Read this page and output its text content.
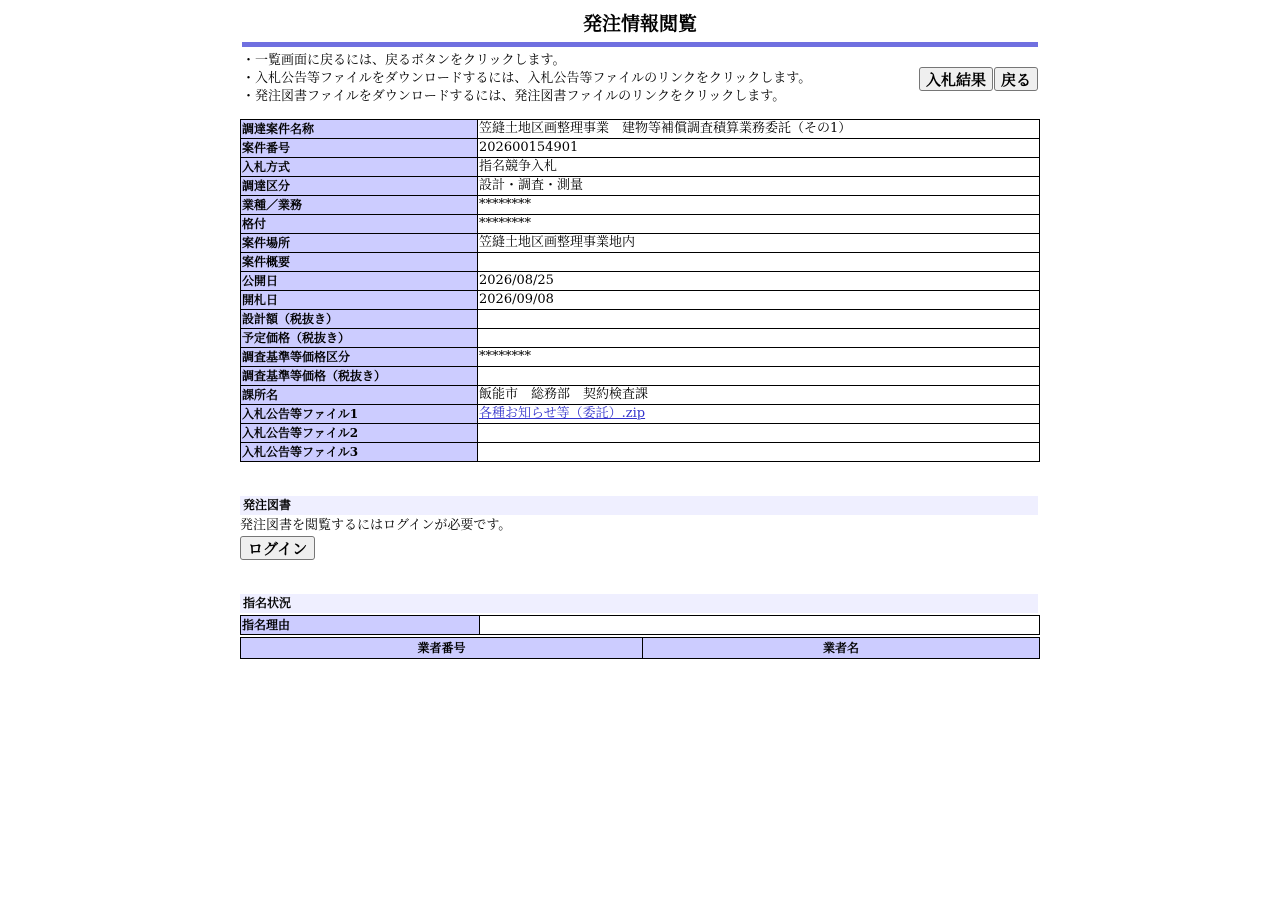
発注情報閲覧
・一覧画面に戻るには、戻るボタンをクリックします。
・入札公告等ファイルをダウンロードするには、入札公告等ファイルのリンクをクリックします。
・発注図書ファイルをダウンロードするには、発注図書ファイルのリンクをクリックします。
入札結果 戻る
調達案件名称	笠縫土地区画整理事業　建物等補償調査積算業務委託（その1）
案件番号	202600154901
入札方式	指名競争入札
調達区分	設計・調査・測量
業種／業務	********
格付	********
案件場所	笠縫土地区画整理事業地内
案件概要	
公開日	2026/08/25
開札日	2026/09/08
設計額（税抜き）	
予定価格（税抜き）	
調査基準等価格区分	********
調査基準等価格（税抜き）	
課所名	飯能市　総務部　契約検査課
入札公告等ファイル1	各種お知らせ等（委託）.zip
入札公告等ファイル2	
入札公告等ファイル3	
発注図書
発注図書を閲覧するにはログインが必要です。
ログイン
指名状況
指名理由	
業者番号	業者名
